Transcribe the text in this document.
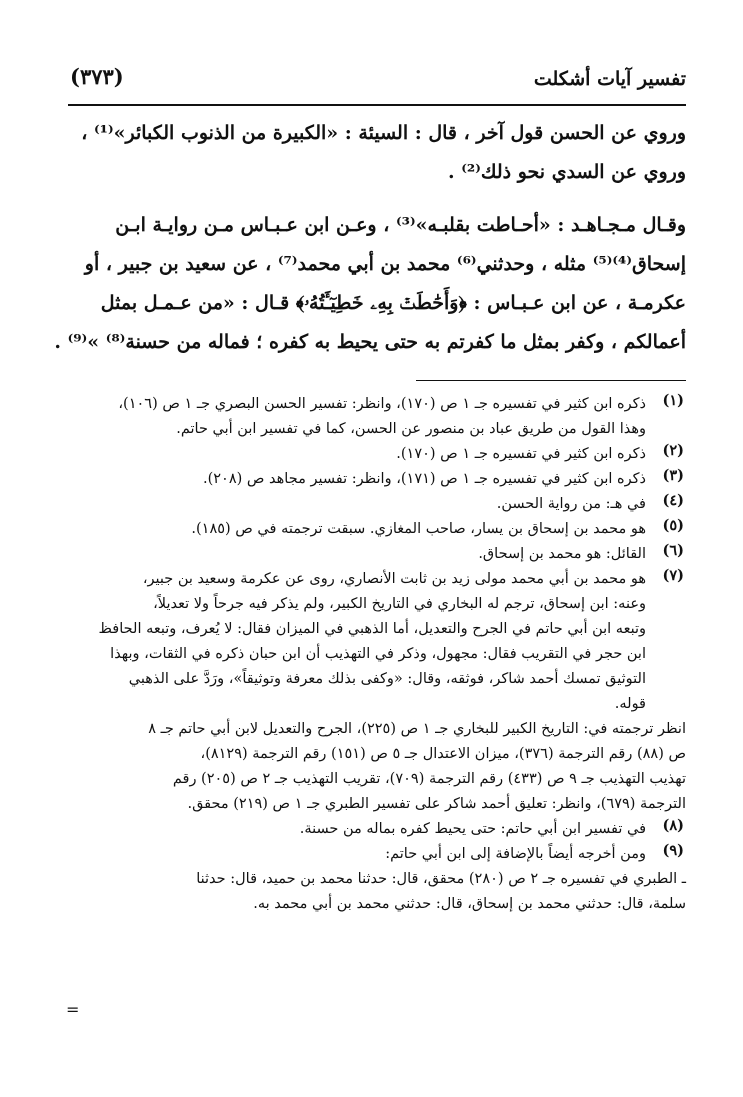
تفسير آيات أشكلت
(٣٧٣)

وروي عن الحسن قول آخر ، قال : السيئة : «الكبيرة من الذنوب الكبائر»⁽¹⁾ ،
وروي عن السدي نحو ذلك⁽²⁾ .

وقـال مـجـاهـد : «أحـاطت بقلبـه»⁽³⁾ ، وعـن ابن عـبـاس مـن روايـة ابـن
إسحاق⁽⁴⁾⁽⁵⁾ مثله ، وحدثني⁽⁶⁾ محمد بن أبي محمد⁽⁷⁾ ، عن سعيد بن جبير ، أو
عكرمـة ، عن ابن عـبـاس : ﴿وَأَحَٰطَتۡ بِهِۦ خَطِيٓـَٔتُهُۥ﴾ قـال : «من عـمـل بمثل
أعمالكم ، وكفر بمثل ما كفرتم به حتى يحيط به كفره ؛ فماله من حسنة⁽⁸⁾ »⁽⁹⁾ .

(١)
ذكره ابن كثير في تفسيره جـ ١ ص (١٧٠)، وانظر: تفسير الحسن البصري جـ ١ ص (١٠٦)،
وهذا القول من طريق عباد بن منصور عن الحسن، كما في تفسير ابن أبي حاتم.
(٢)
ذكره ابن كثير في تفسيره جـ ١ ص (١٧٠).
(٣)
ذكره ابن كثير في تفسيره جـ ١ ص (١٧١)، وانظر: تفسير مجاهد ص (٢٠٨).
(٤)
في هـ: من رواية الحسن.
(٥)
هو محمد بن إسحاق بن يسار، صاحب المغازي. سبقت ترجمته في ص (١٨٥).
(٦)
القائل: هو محمد بن إسحاق.
(٧)
هو محمد بن أبي محمد مولى زيد بن ثابت الأنصاري، روى عن عكرمة وسعيد بن جبير،
وعنه: ابن إسحاق، ترجم له البخاري في التاريخ الكبير، ولم يذكر فيه جرحاً ولا تعديلاً،
وتبعه ابن أبي حاتم في الجرح والتعديل، أما الذهبي في الميزان فقال: لا يُعرف، وتبعه الحافظ
ابن حجر في التقريب فقال: مجهول، وذكر في التهذيب أن ابن حبان ذكره في الثقات، وبهذا
التوثيق تمسك أحمد شاكر، فوثقه، وقال: «وكفى بذلك معرفة وتوثيقاً»، ورَدَّ على الذهبي
قوله.
انظر ترجمته في: التاريخ الكبير للبخاري جـ ١ ص (٢٢٥)، الجرح والتعديل لابن أبي حاتم جـ ٨
ص (٨٨) رقم الترجمة (٣٧٦)، ميزان الاعتدال جـ ٥ ص (١٥١) رقم الترجمة (٨١٢٩)،
تهذيب التهذيب جـ ٩ ص (٤٣٣) رقم الترجمة (٧٠٩)، تقريب التهذيب جـ ٢ ص (٢٠٥) رقم
الترجمة (٦٧٩)، وانظر: تعليق أحمد شاكر على تفسير الطبري جـ ١ ص (٢١٩) محقق.
(٨)
في تفسير ابن أبي حاتم: حتى يحيط كفره بماله من حسنة.
(٩)
ومن أخرجه أيضاً بالإضافة إلى ابن أبي حاتم:
ـ الطبري في تفسيره جـ ٢ ص (٢٨٠) محقق، قال: حدثنا محمد بن حميد، قال: حدثنا
سلمة، قال: حدثني محمد بن إسحاق، قال: حدثني محمد بن أبي محمد به.
=
